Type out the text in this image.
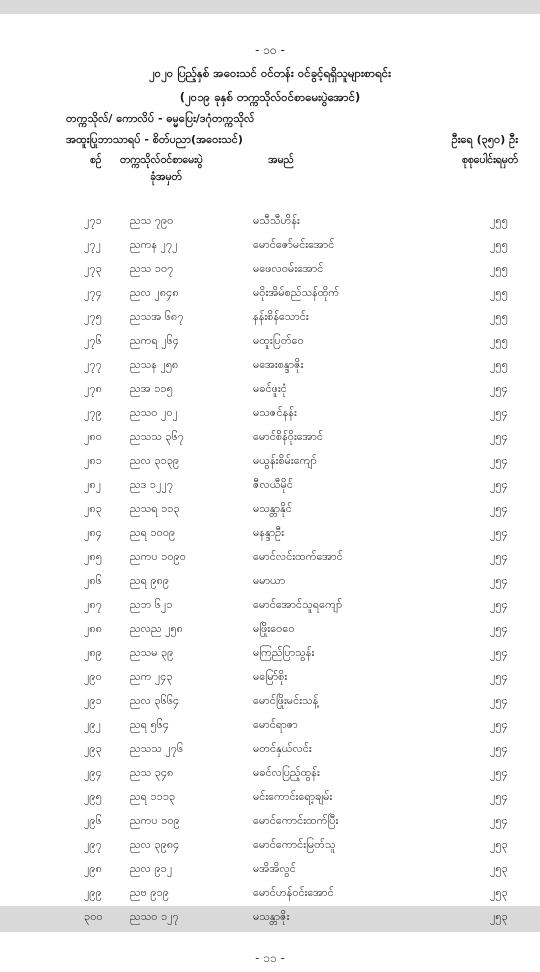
- ၁၀ -
၂၀၂၀ ပြည့်နှစ် အဝေးသင် ဝင်တန်း ဝင်ခွင့်ရရှိသူများစာရင်း
(၂၀၁၉ ခုနှစ် တက္ကသိုလ်ဝင်စာမေးပွဲအောင်)
တက္ကသိုလ်/ ကောလိပ် - ဓမ္မပြေး/ဒဂုံတက္ကသိုလ်
အထူးပြုဘာသာရပ် - စိတ်ပညာ(အဝေးသင်)	ဦးရေ (၃၅၀) ဦး
စဉ် တက္ကသိုလ်ဝင်စာမေးပွဲ
ခုံအမှတ်
အမည်	စုစုပေါင်းရမှတ်
၂၇၁	ညသ ၇၉၀	မသီသီဟိန်း	၂၅၅
၂၇၂	ညကန ၂၇၂	မောင်ဇော်မင်းအောင်	၂၅၅
၂၇၃	ညသ ၁၀၇	မဖေလဝမ်းအောင်	၂၅၅
၂၇၄	ညလ ၂၈၄၈	မဝိုးအိမ်စည်သန်ထိုက်	၂၅၅
၂၇၅	ညသအ ၆၈၇	နန်းစိန်သောင်း	၂၅၅
၂၇၆	ညကရ ၂၆၄	မထူးပြတ်ဝေ	၂၅၅
၂၇၇	ညသန ၂၅၈	မအေးစန္ဒာဇိုး	၂၅၅
၂၇၈	ညအ ၁၁၅	မခင်ဖူးငုံ	၂၅၄
၂၇၉	ညသဝ ၂၀၂	မသဇင်နန်း	၂၅၄
၂၈၀	ညသသ ၃၆၇	မောင်စိန်ဝိုးအောင်	၂၅၄
၂၈၁	ညလ ၃၁၃၉	မယွန်းစိမ်းကျော်	၂၅၄
၂၈၂	ညဒ ၁၂၂၇	ဇီလယီမိုင်	၂၅၄
၂၈၃	ညသရ ၁၁၃	မသန္တာနိုင်	၂၅၄
၂၈၄	ညရ ၁၀၀၉	မနန္ဒာဦး	၂၅၄
၂၈၅	ညကပ ၁၀၉၀	မောင်လင်းထက်အောင်	၂၅၄
၂၈၆	ညရ ၉၈၉	မမာယာ	၂၅၄
၂၈၇	ညဘ ၆၂၁	မောင်အောင်သူရကျော်	၂၅၄
၂၈၈	ညလည ၂၅၈	မဖြိုးဝေဝေ	၂၅၄
၂၈၉	ညသမ ၃၉	မကြည်ပြာသွန်း	၂၅၄
၂၉၀	ညက ၂၄၃	မမြော်စိုး	၂၅၄
၂၉၁	ညလ ၃၆၆၄	မောင်ဖြိုးမင်းသန့်	၂၅၄
၂၉၂	ညရ ၅၆၄	မောင်ရာဇာ	၂၅၄
၂၉၃	ညသသ ၂၇၆	မတင်နှယ်လင်း	၂၅၄
၂၉၄	ညသ ၃၄၈	မခင်လပြည့်ထွန်း	၂၅၄
၂၉၅	ညရ ၁၁၁၃	မင်းကောင်းရော့ချမ်း	၂၅၄
၂၉၆	ညကပ ၁၀၉	မောင်ကောင်းထက်ပြီး	၂၅၄
၂၉၇	ညလ ၃၉၈၄	မောင်ကောင်းမြတ်သူ	၂၅၃
၂၉၈	ညလ ၉၁၂	မအိအိလွင်	၂၅၃
၂၉၉	ညဗ ၉၁၉	မောင်ဟန်ဝင်းအောင်	၂၅၃
၃၀၀ ညသဝ ၁၂၇	မသန္တာဇိုး	၂၅၃
- ၁၁ -
